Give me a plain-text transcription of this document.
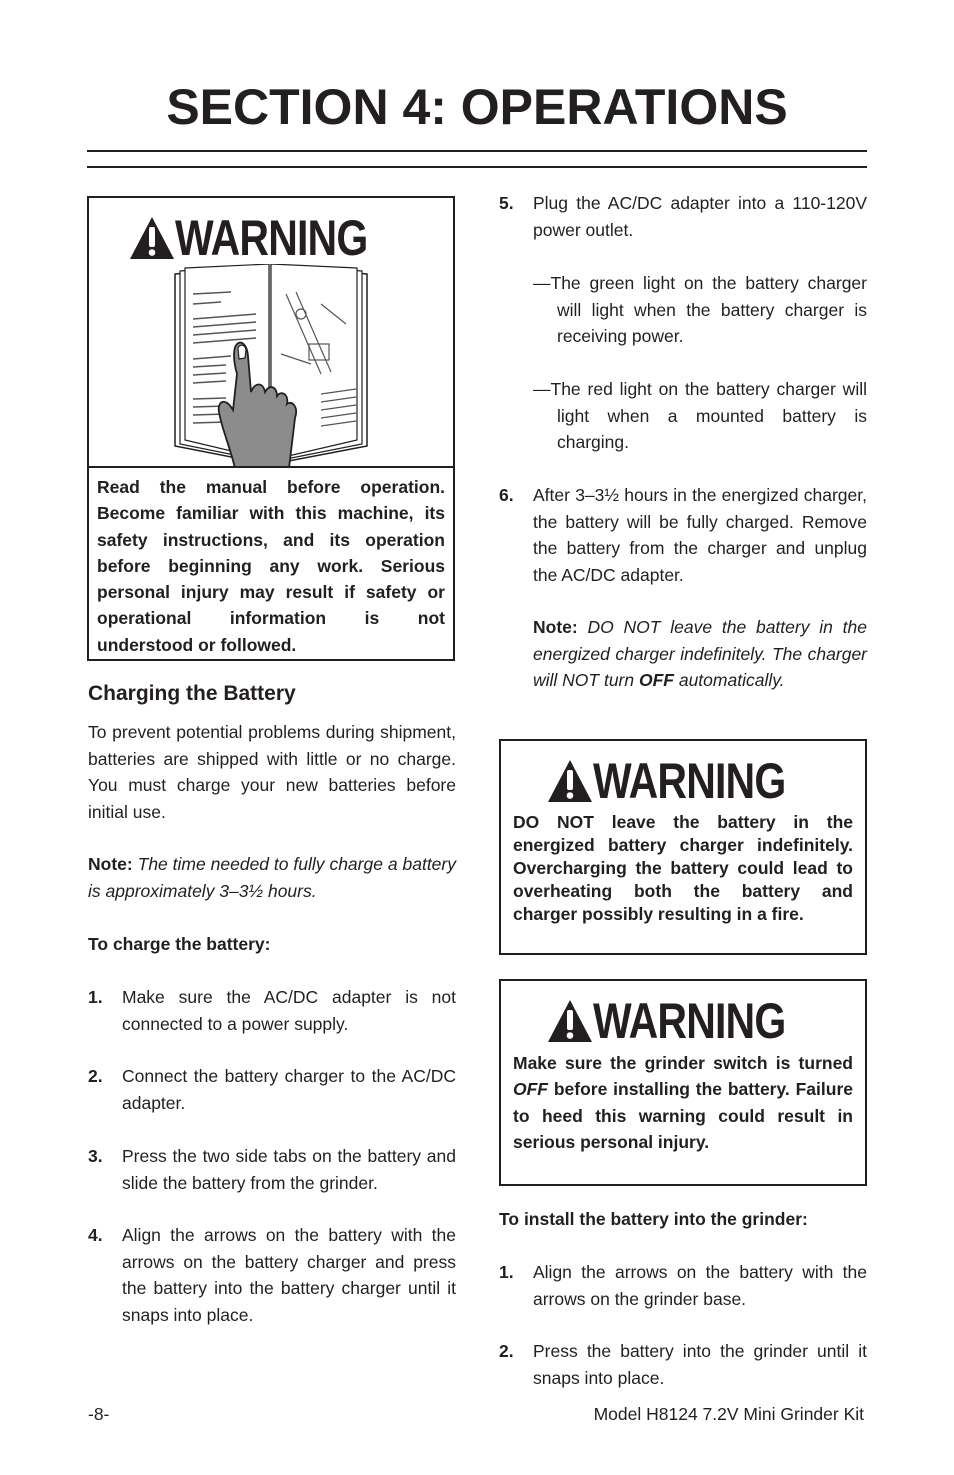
SECTION 4: OPERATIONS
WARNING
Read the manual before operation. Become familiar with this machine, its safety instructions, and its operation before beginning any work. Serious personal injury may result if safety or operational information is not understood or followed.
Charging the Battery

To prevent potential problems during shipment, batteries are shipped with little or no charge. You must charge your new batteries before initial use.

Note: The time needed to fully charge a battery is approximately 3–3½ hours.

To charge the battery:
1. Make sure the AC/DC adapter is not connected to a power supply.
2. Connect the battery charger to the AC/DC adapter.
3. Press the two side tabs on the battery and slide the battery from the grinder.
4. Align the arrows on the battery with the arrows on the battery charger and press the battery into the battery charger until it snaps into place.
5. Plug the AC/DC adapter into a 110-120V power outlet.
—The green light on the battery charger will light when the battery charger is receiving power.
—The red light on the battery charger will light when a mounted battery is charging.
6. After 3–3½ hours in the energized charger, the battery will be fully charged. Remove the battery from the charger and unplug the AC/DC adapter.

Note: DO NOT leave the battery in the energized charger indefinitely. The charger will NOT turn OFF automatically.

WARNING
DO NOT leave the battery in the energized battery charger indefinitely. Overcharging the battery could lead to overheating both the battery and charger possibly resulting in a fire.
WARNING
Make sure the grinder switch is turned OFF before installing the battery. Failure to heed this warning could result in serious personal injury.
To install the battery into the grinder:
1. Align the arrows on the battery with the arrows on the grinder base.
2. Press the battery into the grinder until it snaps into place.
-8-	Model H8124 7.2V Mini Grinder Kit
